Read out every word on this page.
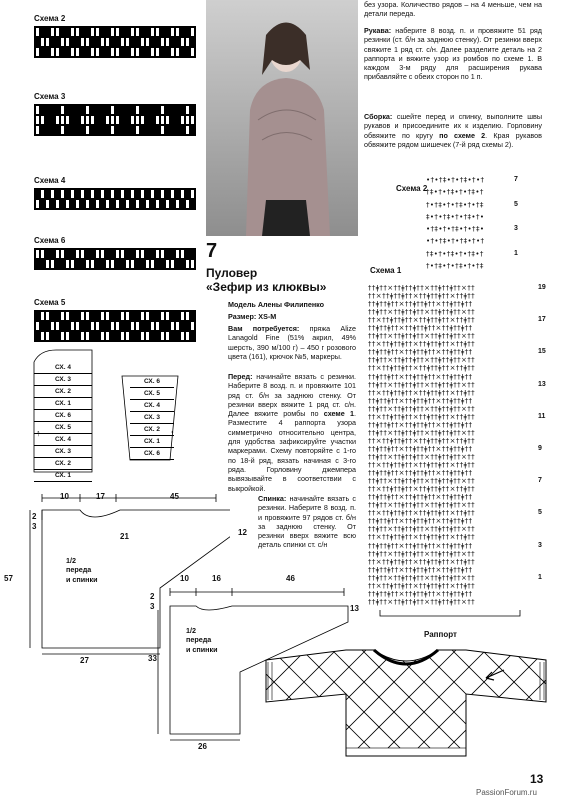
Схема 2
Схема 3
Схема 4
Схема 6
Схема 5
СХ. 4
СХ. 3
СХ. 2
СХ. 1
СХ. 6
СХ. 5
СХ. 4
СХ. 3
СХ. 2
СХ. 1
↑
СХ. 6
СХ. 5
СХ. 4
СХ. 3
СХ. 2
СХ. 1
СХ. 6
↑
7
Пуловер
«Зефир из клюквы»
Модель Алены Филипенко
Размер: XS-M
Вам потребуется: пряжа Alize Lanagold Fine (51% акрил, 49% шерсть, 390 м/100 г) – 450 г розового цвета (161), крючок №5, маркеры.
Перед: начинайте вязать с резинки. Наберите 8 возд. п. и провяжите 101 ряд ст. б/н за заднюю стенку. От резинки вверх вяжите 1 ряд ст. с/н. Далее вяжите ромбы по схеме 1. Разместите 4 раппорта узора симметрично относительно центра, для удобства зафиксируйте участки маркерами. Схему повторяйте с 1-го по 18-й ряд, вязать начиная с 3-го ряда. Горловину джемпера вывязывайте в соответствии с выкройкой.
Спинка: начинайте вязать с резинки. Наберите 8 возд. п. и провяжите 97 рядов ст. б/н за заднюю стенку. От резинки вверх вяжите всю деталь спинки ст. с/н
без узора. Количество рядов – на 4 меньше, чем на детали переда.
Рукава: наберите 8 возд. п. и провяжите 51 ряд резинки (ст. б/н за заднюю стенку). От резинки вверх свяжите 1 ряд ст. с/н. Далее разделите деталь на 2 раппорта и вяжите узор из ромбов по схеме 1. В каждом 3-м ряду для расширения рукава прибавляйте с обеих сторон по 1 п.
Сборка: сшейте перед и спинку, выполните швы рукавов и присоедините их к изделию. Горловину обвяжите по кругу по схеме 2. Края рукавов обвяжите рядом шишечек (7-й ряд схемы 2).
Схема 2
•†•†‡•†•†‡•†•†
†‡•†•†‡•†•†‡•†
†•†‡•†•†‡•†•†‡
‡•†•†‡•†•†‡•†•
•†‡•†•†‡•†•†‡•
•†•†‡•†•†‡•†•†
†‡•†•†‡•†•†‡•†
†•†‡•†•†‡•†•†‡
7
5
3
1
Схема 1
††ǂ††×††ǂ††ǂ††×††ǂ††ǂ††×††
††×††ǂ††ǂ††×††ǂ††ǂ††×††ǂ††
††ǂ††ǂ††×††ǂ††ǂ††×††ǂ††ǂ††
††ǂ††×††ǂ††ǂ††×††ǂ††ǂ††×††
††×††ǂ††ǂ††×††ǂ††ǂ††×††ǂ††
††ǂ††ǂ††×††ǂ††ǂ††×††ǂ††ǂ††
††ǂ††×††ǂ††ǂ††×††ǂ††ǂ††×††
††×††ǂ††ǂ††×††ǂ††ǂ††×††ǂ††
††ǂ††ǂ††×††ǂ††ǂ††×††ǂ††ǂ††
††ǂ††×††ǂ††ǂ††×††ǂ††ǂ††×††
††×††ǂ††ǂ††×††ǂ††ǂ††×††ǂ††
††ǂ††ǂ††×††ǂ††ǂ††×††ǂ††ǂ††
††ǂ††×††ǂ††ǂ††×††ǂ††ǂ††×††
††×††ǂ††ǂ††×††ǂ††ǂ††×††ǂ††
††ǂ††ǂ††×††ǂ††ǂ††×††ǂ††ǂ††
††ǂ††×††ǂ††ǂ††×††ǂ††ǂ††×††
††×††ǂ††ǂ††×††ǂ††ǂ††×††ǂ††
††ǂ††ǂ††×††ǂ††ǂ††×††ǂ††ǂ††
††ǂ††×††ǂ††ǂ††×††ǂ††ǂ††×††
††×††ǂ††ǂ††×††ǂ††ǂ††×††ǂ††
††ǂ††ǂ††×††ǂ††ǂ††×††ǂ††ǂ††
††ǂ††×††ǂ††ǂ††×††ǂ††ǂ††×††
††×††ǂ††ǂ††×††ǂ††ǂ††×††ǂ††
††ǂ††ǂ††×††ǂ††ǂ††×††ǂ††ǂ††
††ǂ††×††ǂ††ǂ††×††ǂ††ǂ††×††
††×††ǂ††ǂ††×††ǂ††ǂ††×††ǂ††
††ǂ††ǂ††×††ǂ††ǂ††×††ǂ††ǂ††
††ǂ††×††ǂ††ǂ††×††ǂ††ǂ††×††
††×††ǂ††ǂ††×††ǂ††ǂ††×††ǂ††
††ǂ††ǂ††×††ǂ††ǂ††×††ǂ††ǂ††
††ǂ††×††ǂ††ǂ††×††ǂ††ǂ††×††
††×††ǂ††ǂ††×††ǂ††ǂ††×††ǂ††
††ǂ††ǂ††×††ǂ††ǂ††×††ǂ††ǂ††
††ǂ††×††ǂ††ǂ††×††ǂ††ǂ††×††
††×††ǂ††ǂ††×††ǂ††ǂ††×††ǂ††
††ǂ††ǂ††×††ǂ††ǂ††×††ǂ††ǂ††
††ǂ††×††ǂ††ǂ††×††ǂ††ǂ††×††
††×††ǂ††ǂ††×††ǂ††ǂ††×††ǂ††
††ǂ††ǂ††×††ǂ††ǂ††×††ǂ††ǂ††
††ǂ††×††ǂ††ǂ††×††ǂ††ǂ††×††
19
17
15
13
11
9
7
5
3
1
Раппорт
10	17	45
2
3
21	12
57
27
1/2
переда
и спинки	10	16	46
2
3	13
33
26
1/2
переда
и спинки
13
PassionForum.ru
